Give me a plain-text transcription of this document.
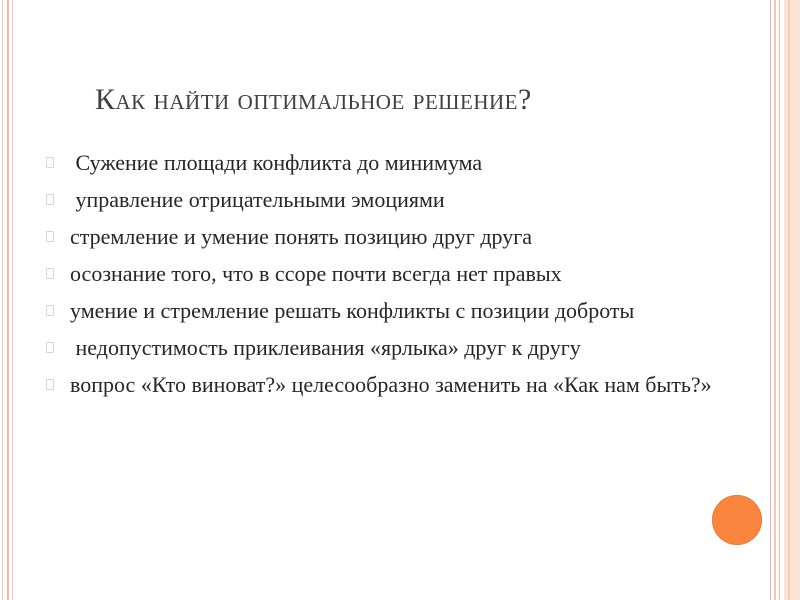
Как найти оптимальное решение?
Сужение площади конфликта до минимума
управление отрицательными эмоциями
стремление и умение понять позицию друг друга
осознание того, что в ссоре почти всегда нет правых
умение и стремление решать конфликты с позиции доброты
недопустимость приклеивания «ярлыка» друг к другу
вопрос «Кто виноват?» целесообразно заменить на «Как нам быть?»
